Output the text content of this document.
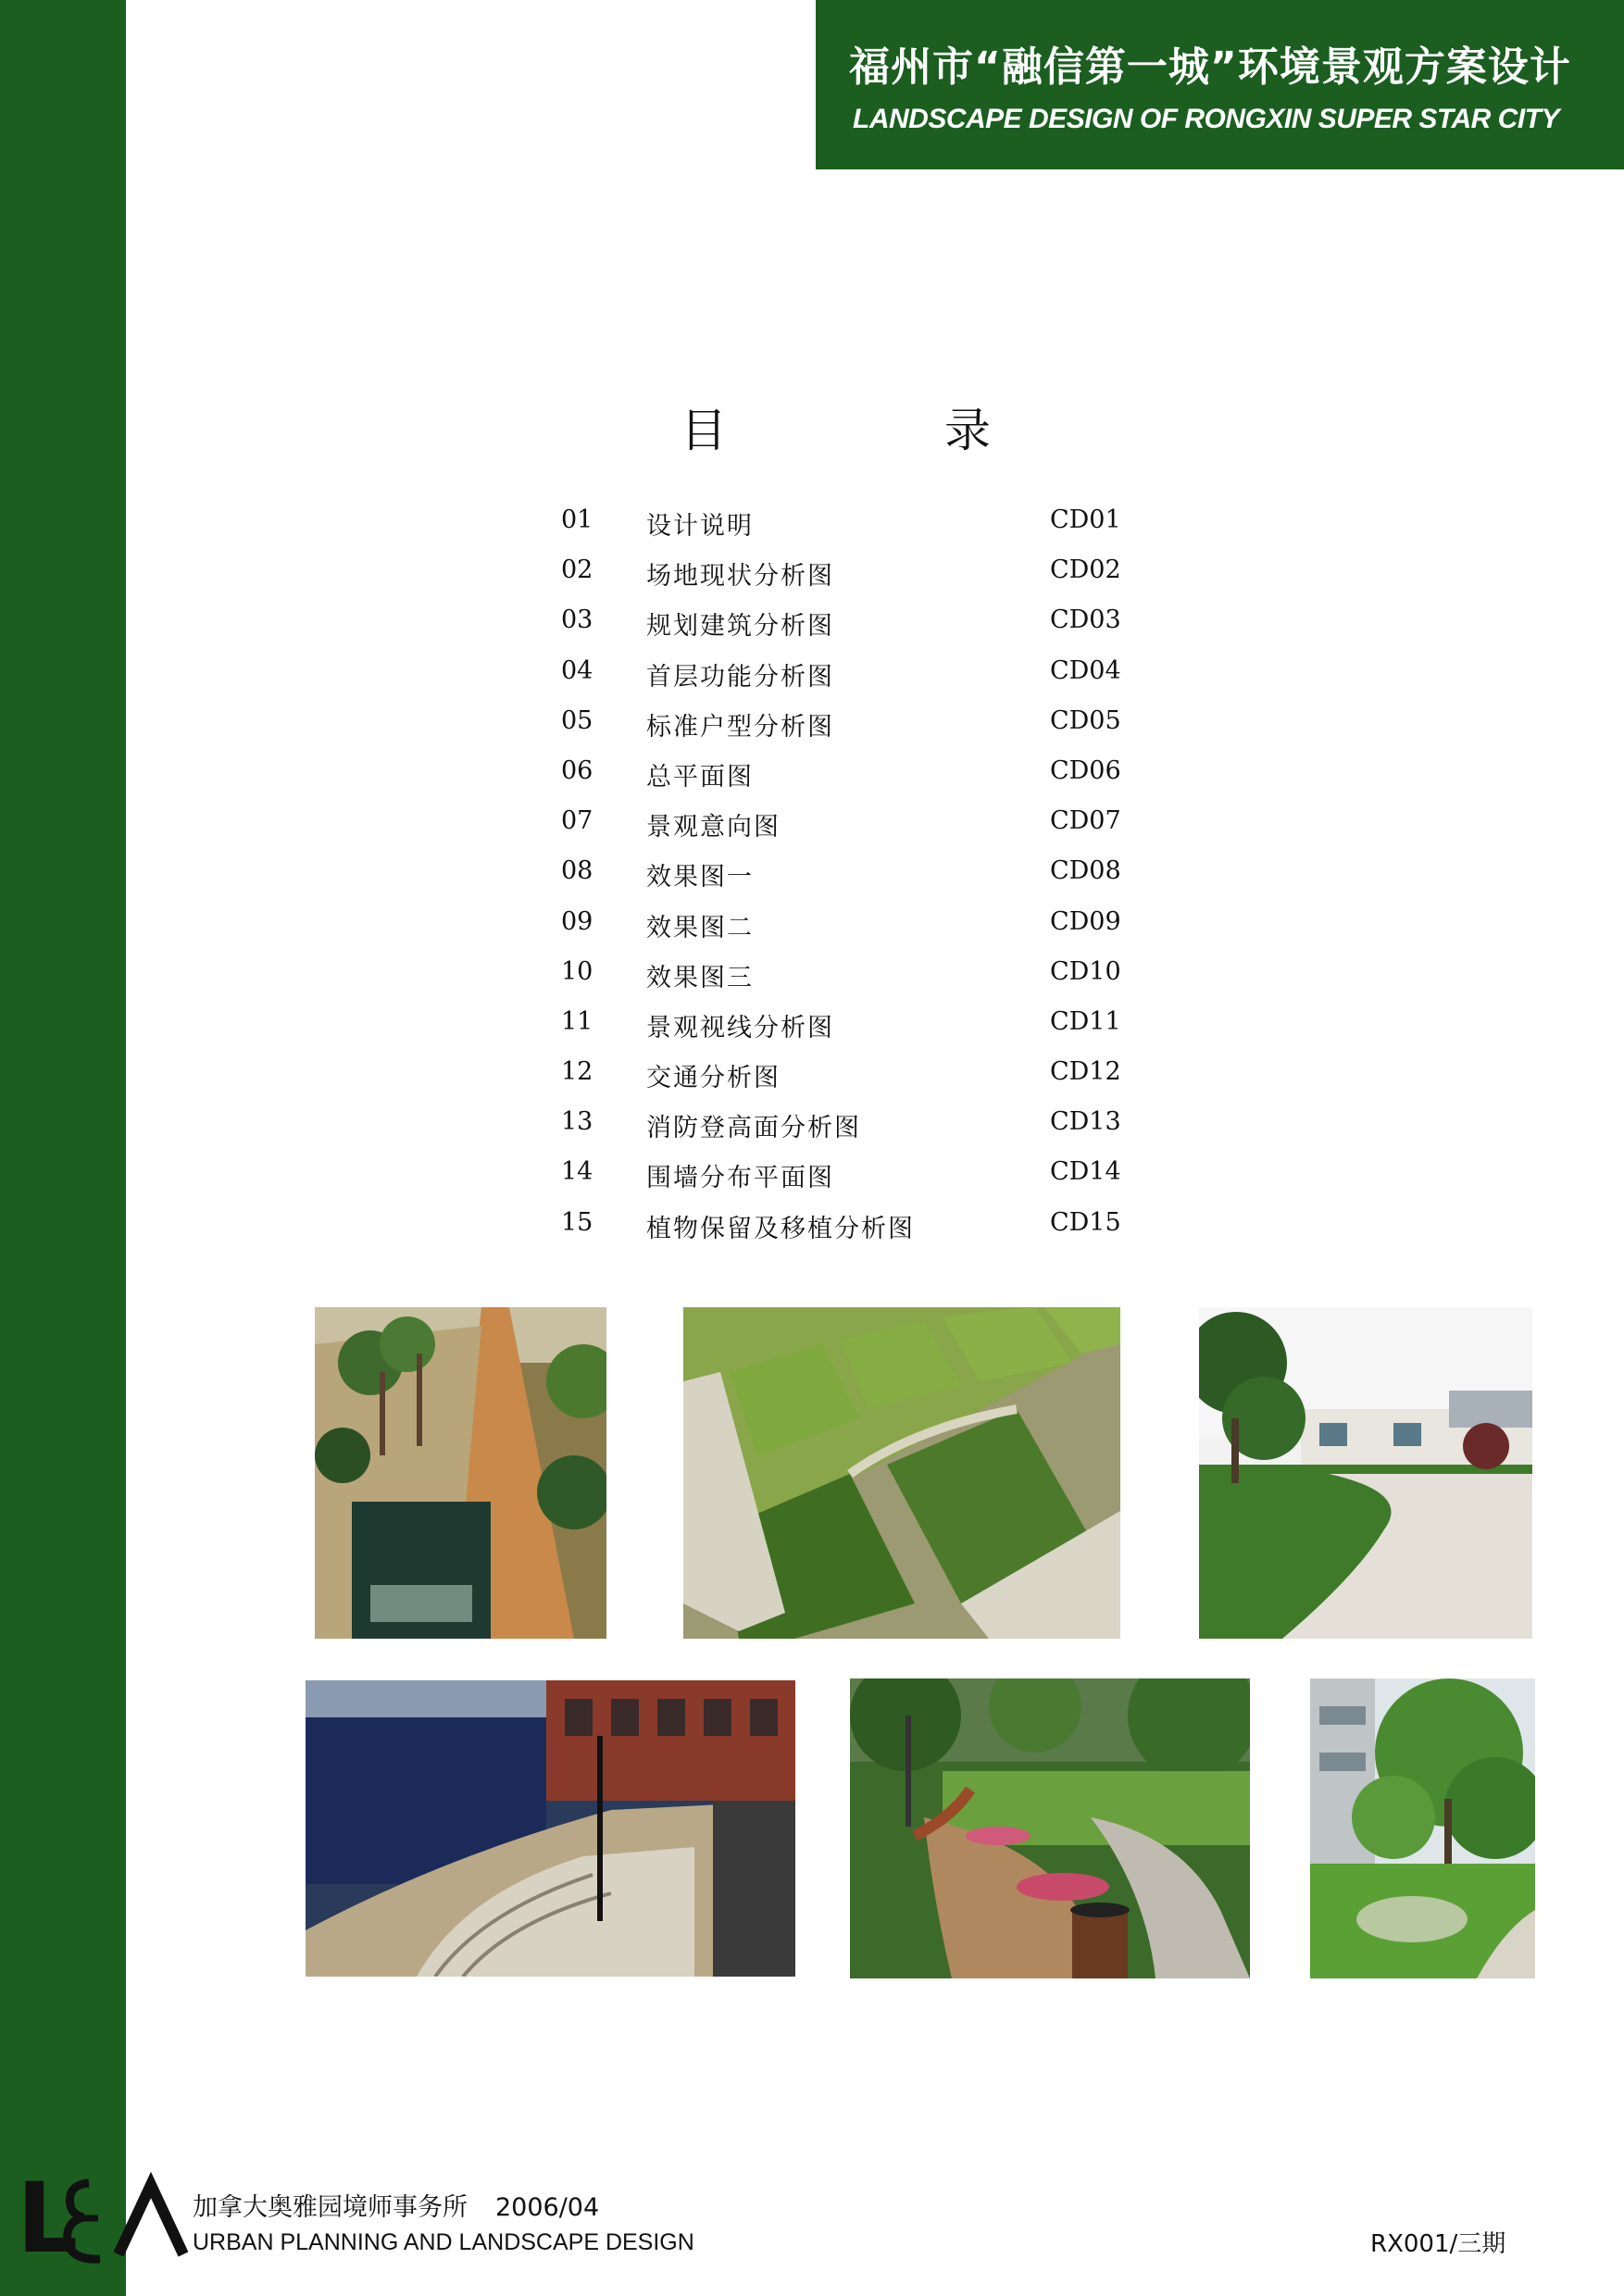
福州市“融信第一城”环境景观方案设计
LANDSCAPE DESIGN OF RONGXIN SUPER STAR CITY
目	录
01 设计说明	CD01
02 场地现状分析图	CD02
03 规划建筑分析图	CD03
04 首层功能分析图	CD04
05 标准户型分析图	CD05
06 总平面图	CD06
07 景观意向图	CD07
08 效果图一	CD08
09 效果图二	CD09
10 效果图三	CD10
11 景观视线分析图	CD11
12 交通分析图	CD12
13 消防登高面分析图	CD13
14 围墙分布平面图	CD14
15 植物保留及移植分析图	CD15
L	加拿大奥雅园境师事务所 2006/04
URBAN PLANNING AND LANDSCAPE DESIGN	RX001/三期
